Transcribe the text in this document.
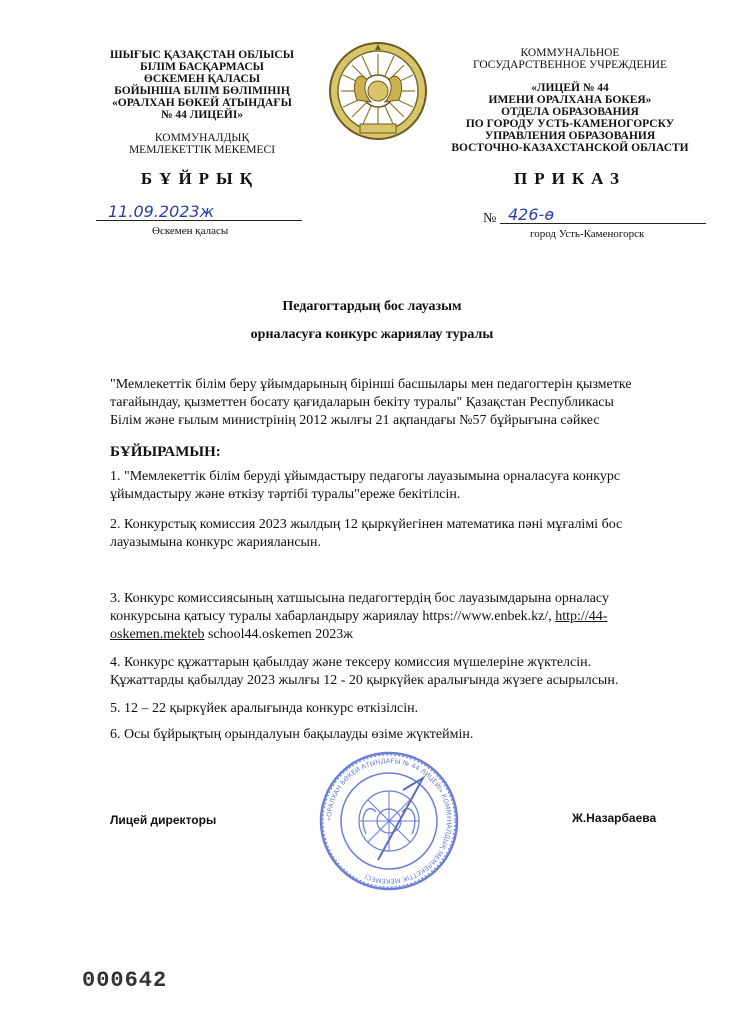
ШЫҒЫС ҚАЗАҚСТАН ОБЛЫСЫ
БІЛІМ БАСҚАРМАСЫ
ӨСКЕМЕН ҚАЛАСЫ
БОЙЫНША БІЛІМ БӨЛІМІНІҢ
«ОРАЛХАН БӨКЕЙ АТЫНДАҒЫ
№ 44 ЛИЦЕЙІ»
КОММУНАЛДЫҚ
МЕМЛЕКЕТТІК МЕКЕМЕСІ
КОММУНАЛЬНОЕ
ГОСУДАРСТВЕННОЕ УЧРЕЖДЕНИЕ
«ЛИЦЕЙ № 44
ИМЕНИ ОРАЛХАНА БОКЕЯ»
ОТДЕЛА ОБРАЗОВАНИЯ
ПО ГОРОДУ УСТЬ-КАМЕНОГОРСКУ
УПРАВЛЕНИЯ ОБРАЗОВАНИЯ
ВОСТОЧНО-КАЗАХСТАНСКОЙ ОБЛАСТИ
БҰЙРЫҚ	ПРИКАЗ
11.09.2023ж
Өскемен қаласы
№ 426-ө
город Усть-Каменогорск
Педагогтардың бос лауазым
орналасуға конкурс жариялау туралы
"Мемлекеттік білім беру ұйымдарының бірінші басшылары мен педагогтерін қызметке тағайындау, қызметтен босату қағидаларын бекіту туралы" Қазақстан Республикасы Білім және ғылым министрінің 2012 жылғы 21 ақпандағы №57 бұйрығына сәйкес
БҰЙЫРАМЫН:
1. "Мемлекеттік білім беруді ұйымдастыру педагогы лауазымына орналасуға конкурс ұйымдастыру және өткізу тәртібі туралы"ереже бекітілсін.
2. Конкурстық комиссия 2023 жылдың 12 қыркүйегінен математика пәні мұғалімі бос лауазымына конкурс жариялансын.
3. Конкурс комиссиясының хатшысына педагогтердің бос лауазымдарына орналасу конкурсына қатысу туралы хабарландыру жариялау https://www.enbek.kz/, http://44-oskemen.mekteb school44.oskemen 2023ж
4. Конкурс құжаттарын қабылдау және тексеру комиссия мүшелеріне жүктелсін. Құжаттарды қабылдау 2023 жылғы 12 - 20 қыркүйек аралығында жүзеге асырылсын.
5. 12 – 22 қыркүйек аралығында конкурс өткізілсін.
6. Осы бұйрықтың орындалуын бақылауды өзіме жүктеймін.
Лицей директоры	Ж.Назарбаева
«ОРАЛХАН БӨКЕЙ АТЫНДАҒЫ № 44 ЛИЦЕЙІ» КОММУНАЛДЫҚ МЕМЛЕКЕТТІК МЕКЕМЕСІ
000642
